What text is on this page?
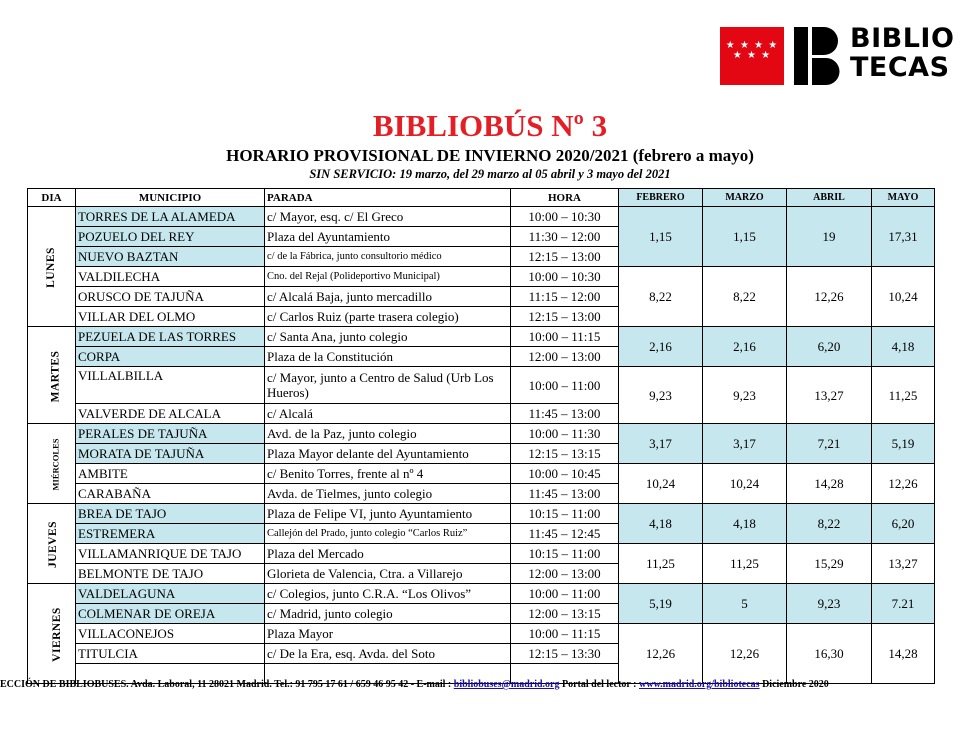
★ ★ ★ ★
★ ★ ★
BIBLIO
TECAS
BIBLIOBÚS Nº 3
HORARIO PROVISIONAL DE INVIERNO 2020/2021 (febrero a mayo)
SIN SERVICIO: 19 marzo, del 29 marzo al 05 abril y 3 mayo del 2021
DIA	MUNICIPIO	PARADA	HORA	FEBRERO	MARZO	ABRIL	MAYO
LUNES	TORRES DE LA ALAMEDA	c/ Mayor, esq. c/ El Greco	10:00 – 10:30	1,15	1,15	19	17,31
	POZUELO DEL REY	Plaza del Ayuntamiento	11:30 – 12:00				
	NUEVO BAZTAN	c/ de la Fábrica, junto consultorio médico	12:15 – 13:00				
	VALDILECHA	Cno. del Rejal (Polideportivo Municipal)	10:00 – 10:30	8,22	8,22	12,26	10,24
	ORUSCO DE TAJUÑA	c/ Alcalá Baja, junto mercadillo	11:15 – 12:00				
	VILLAR DEL OLMO	c/ Carlos Ruiz (parte trasera colegio)	12:15 – 13:00				
MARTES	PEZUELA DE LAS TORRES	c/ Santa Ana, junto colegio	10:00 – 11:15	2,16	2,16	6,20	4,18
	CORPA	Plaza de la Constitución	12:00 – 13:00				
	VILLALBILLA	c/ Mayor, junto a Centro de Salud (Urb Los Hueros)	10:00 – 11:00	9,23	9,23	13,27	11,25
	VALVERDE DE ALCALA	c/ Alcalá	11:45 – 13:00				
MIÉRCOLES	PERALES DE TAJUÑA	Avd. de la Paz, junto colegio	10:00 – 11:30	3,17	3,17	7,21	5,19
	MORATA DE TAJUÑA	Plaza Mayor delante del Ayuntamiento	12:15 – 13:15				
	AMBITE	c/ Benito Torres, frente al nº 4	10:00 – 10:45	10,24	10,24	14,28	12,26
	CARABAÑA	Avda. de Tielmes, junto colegio	11:45 – 13:00				
JUEVES	BREA DE TAJO	Plaza de Felipe VI, junto Ayuntamiento	10:15 – 11:00	4,18	4,18	8,22	6,20
	ESTREMERA	Callejón del Prado, junto colegio “Carlos Ruiz”	11:45 – 12:45				
	VILLAMANRIQUE DE TAJO	Plaza del Mercado	10:15 – 11:00	11,25	11,25	15,29	13,27
	BELMONTE DE TAJO	Glorieta de Valencia, Ctra. a Villarejo	12:00 – 13:00				
VIERNES	VALDELAGUNA	c/ Colegios, junto C.R.A. “Los Olivos”	10:00 – 11:00	5,19	5	9,23	7.21
	COLMENAR DE OREJA	c/ Madrid, junto colegio	12:00 – 13:15				
	VILLACONEJOS	Plaza Mayor	10:00 – 11:15	12,26	12,26	16,30	14,28
	TITULCIA	c/ De la Era, esq. Avda. del Soto	12:15 – 13:30				

ECCIÓN DE BIBLIOBUSES. Avda. Laboral, 11 28021 Madrid. Tel.: 91 795 17 61 / 659 46 95 42 - E-mail : bibliobuses@madrid.org Portal del lector : www.madrid.org/bibliotecas Diciembre 2020
